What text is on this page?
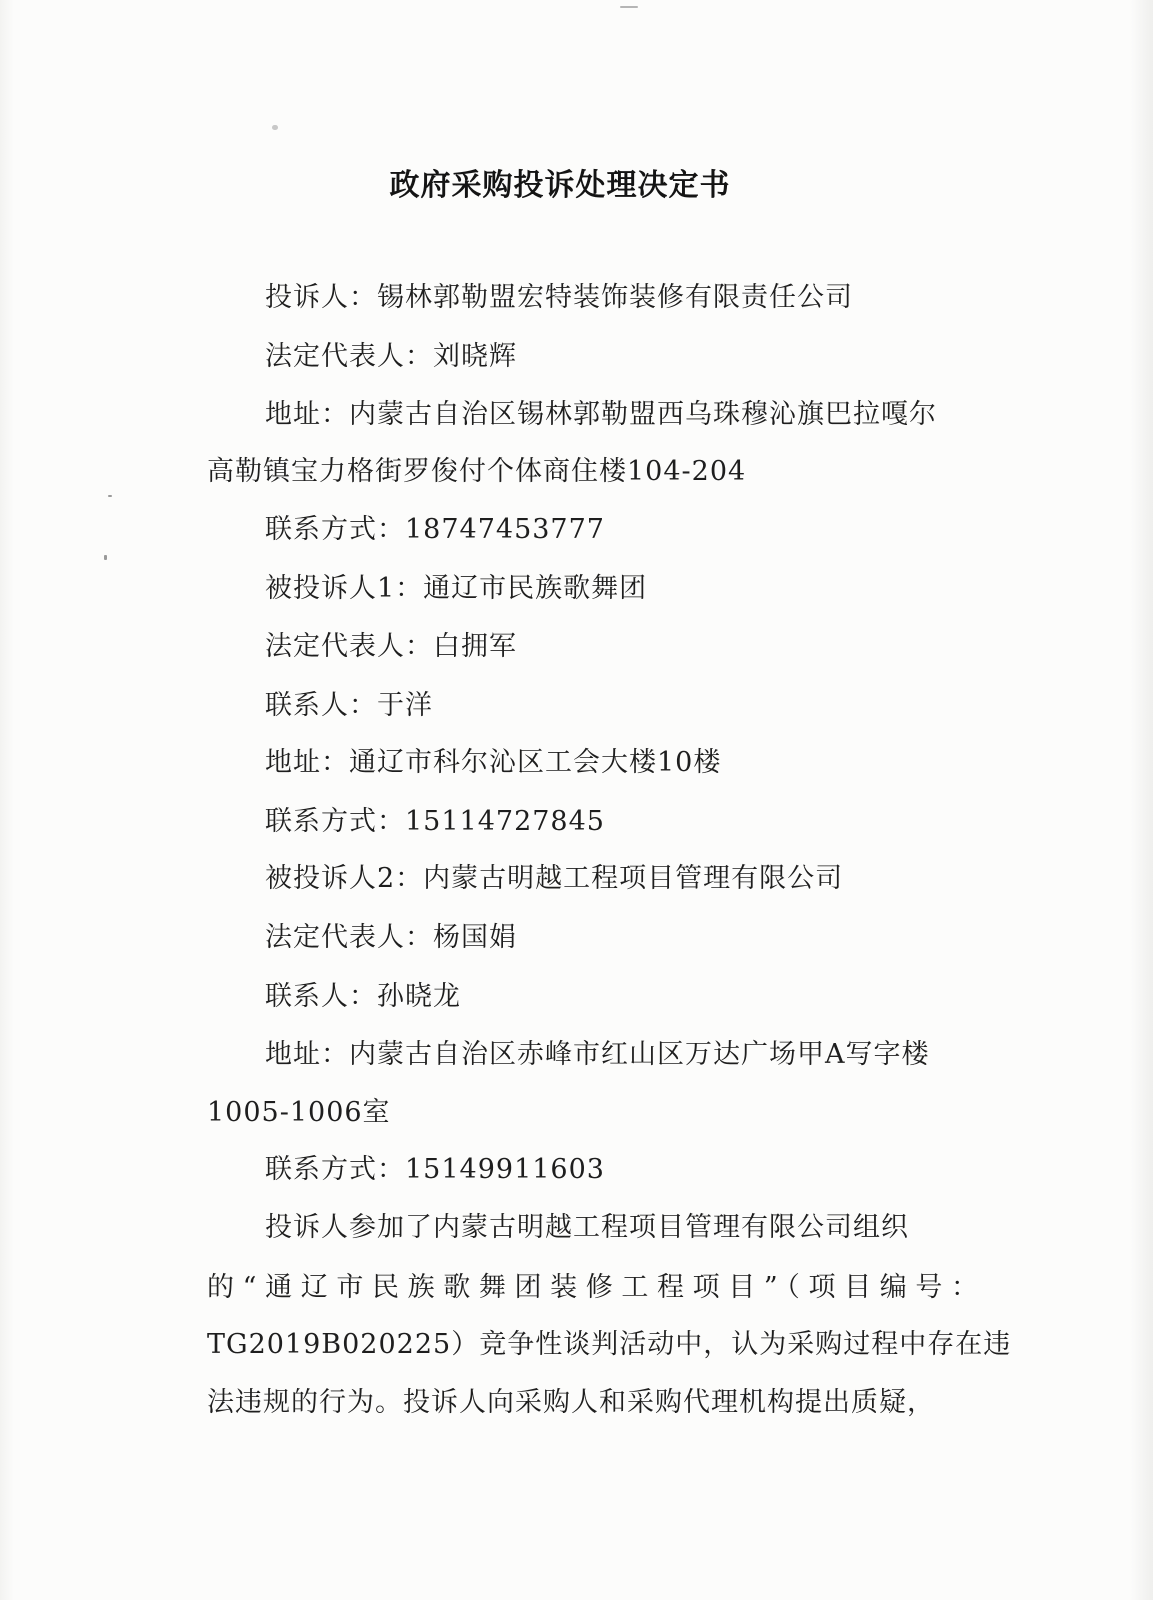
政府采购投诉处理决定书
投诉人：锡林郭勒盟宏特装饰装修有限责任公司
法定代表人：刘晓辉
地址：内蒙古自治区锡林郭勒盟西乌珠穆沁旗巴拉嘎尔
高勒镇宝力格街罗俊付个体商住楼104-204
联系方式：18747453777
被投诉人1：通辽市民族歌舞团
法定代表人：白拥军
联系人：于洋
地址：通辽市科尔沁区工会大楼10楼
联系方式：15114727845
被投诉人2：内蒙古明越工程项目管理有限公司
法定代表人：杨国娟
联系人：孙晓龙
地址：内蒙古自治区赤峰市红山区万达广场甲A写字楼
1005-1006室
联系方式：15149911603
投诉人参加了内蒙古明越工程项目管理有限公司组织
的“通辽市民族歌舞团装修工程项目”（项目编号：
TG2019B020225）竞争性谈判活动中，认为采购过程中存在违
法违规的行为。投诉人向采购人和采购代理机构提出质疑，
